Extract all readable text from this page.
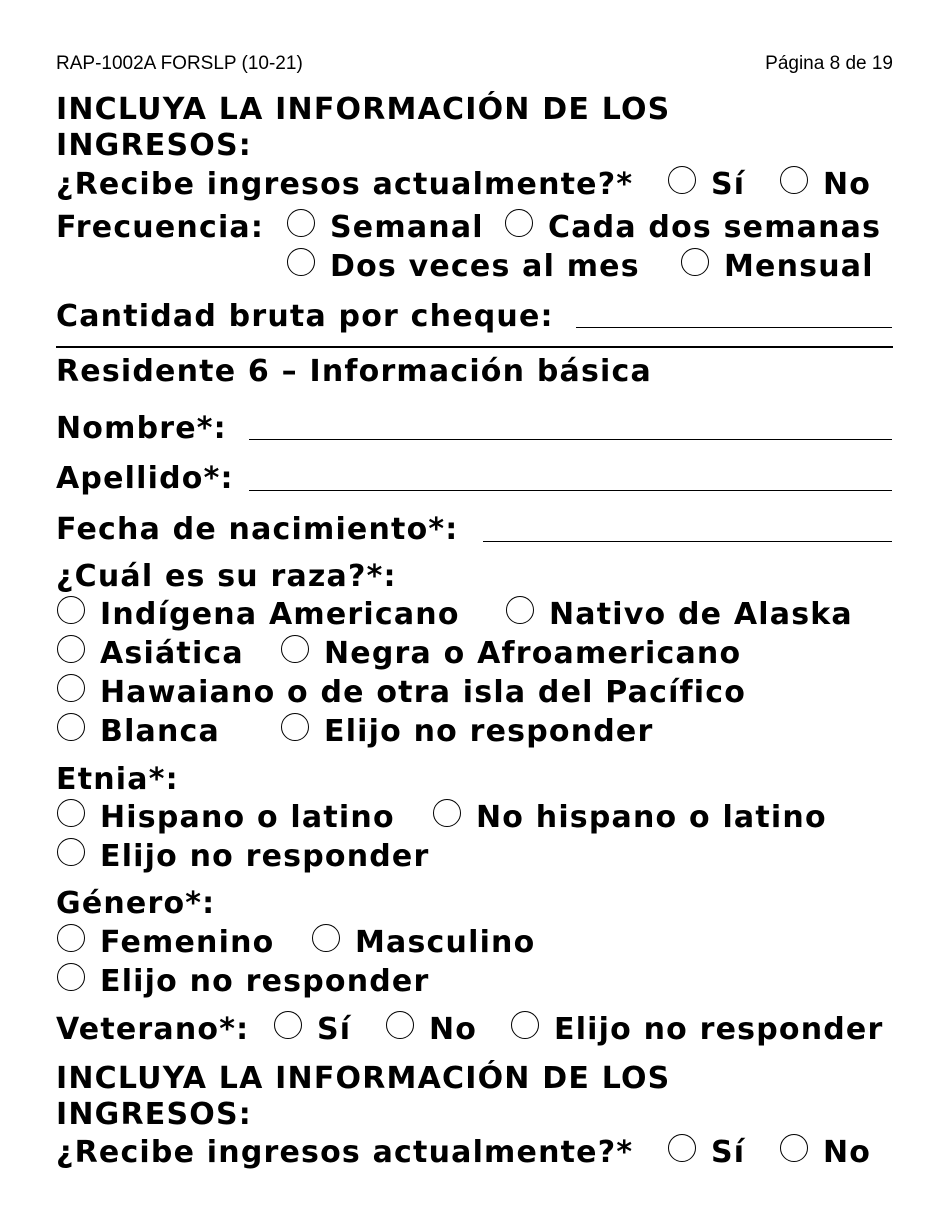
RAP-1002A FORSLP (10-21)	Página 8 de 19
INCLUYA LA INFORMACIÓN DE LOS
INGRESOS:
¿Recibe ingresos actualmente?*	Sí	No
Frecuencia: Semanal Cada dos semanas
Dos veces al mes	Mensual
Cantidad bruta por cheque:
Residente 6 – Información básica
Nombre*:
Apellido*:
Fecha de nacimiento*:
¿Cuál es su raza?*:
Indígena Americano	Nativo de Alaska
Asiática	Negra o Afroamericano
Hawaiano o de otra isla del Pacífico
Blanca	Elijo no responder
Etnia*:
Hispano o latino	No hispano o latino
Elijo no responder
Género*:
Femenino	Masculino
Elijo no responder
Veterano*: Sí	No	Elijo no responder
INCLUYA LA INFORMACIÓN DE LOS
INGRESOS:
¿Recibe ingresos actualmente?*	Sí	No
